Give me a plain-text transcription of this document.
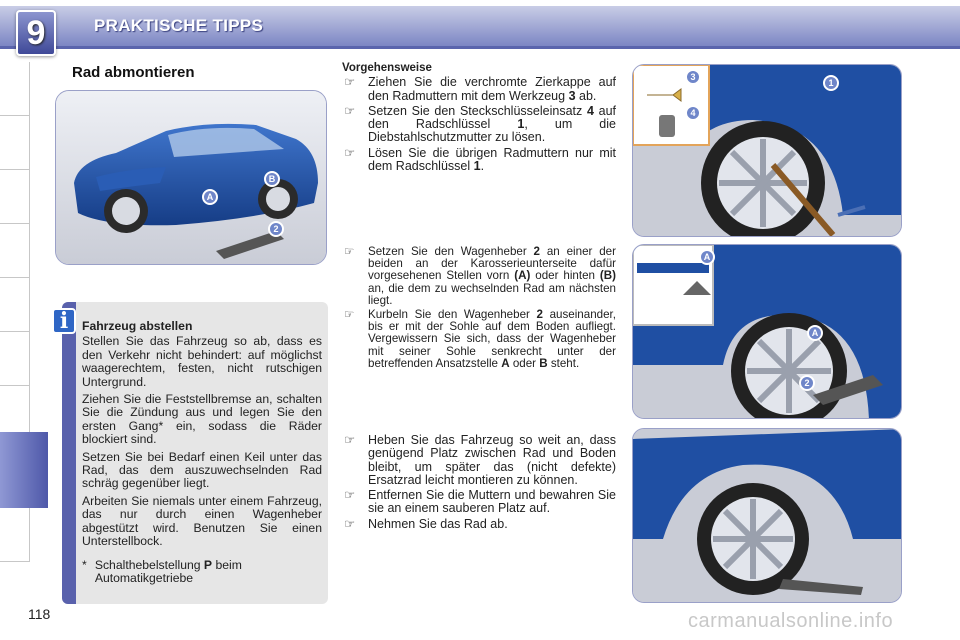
9	PRAKTISCHE TIPPS
Rad abmontieren
A
B
2
i	Fahrzeug abstellen

Stellen Sie das Fahrzeug so ab, dass es den Verkehr nicht behindert: auf möglichst waagerechtem, festen, nicht rutschigen Untergrund.

Ziehen Sie die Feststellbremse an, schalten Sie die Zündung aus und legen Sie den ersten Gang* ein, sodass die Räder blockiert sind.

Setzen Sie bei Bedarf einen Keil unter das Rad, das dem auszuwechselnden Rad schräg gegenüber liegt.

Arbeiten Sie niemals unter einem Fahrzeug, das nur durch einen Wagenheber abgestützt wird. Benutzen Sie einen Unterstellbock.

* Schalthebelstellung P beim Automatikgetriebe
Vorgehensweise
☞	Ziehen Sie die verchromte Zierkappe auf den Radmuttern mit dem Werkzeug 3 ab.
☞	Setzen Sie den Steckschlüsseleinsatz 4 auf den Radschlüssel 1, um die Diebstahlschutzmutter zu lösen.
☞	Lösen Sie die übrigen Radmuttern nur mit dem Radschlüssel 1.
☞	Setzen Sie den Wagenheber 2 an einer der beiden an der Karosserieunterseite dafür vorgesehenen Stellen vorn (A) oder hinten (B) an, die dem zu wechselnden Rad am nächsten liegt.
☞	Kurbeln Sie den Wagenheber 2 auseinander, bis er mit der Sohle auf dem Boden aufliegt. Vergewissern Sie sich, dass der Wagenheber mit seiner Sohle senkrecht unter der betreffenden Ansatzstelle A oder B steht.
☞	Heben Sie das Fahrzeug so weit an, dass genügend Platz zwischen Rad und Boden bleibt, um später das (nicht defekte) Ersatzrad leicht montieren zu können.
☞	Entfernen Sie die Muttern und bewahren Sie sie an einem sauberen Platz auf.
☞	Nehmen Sie das Rad ab.
3
4
1
A
A
2
118	carmanualsonline.info
